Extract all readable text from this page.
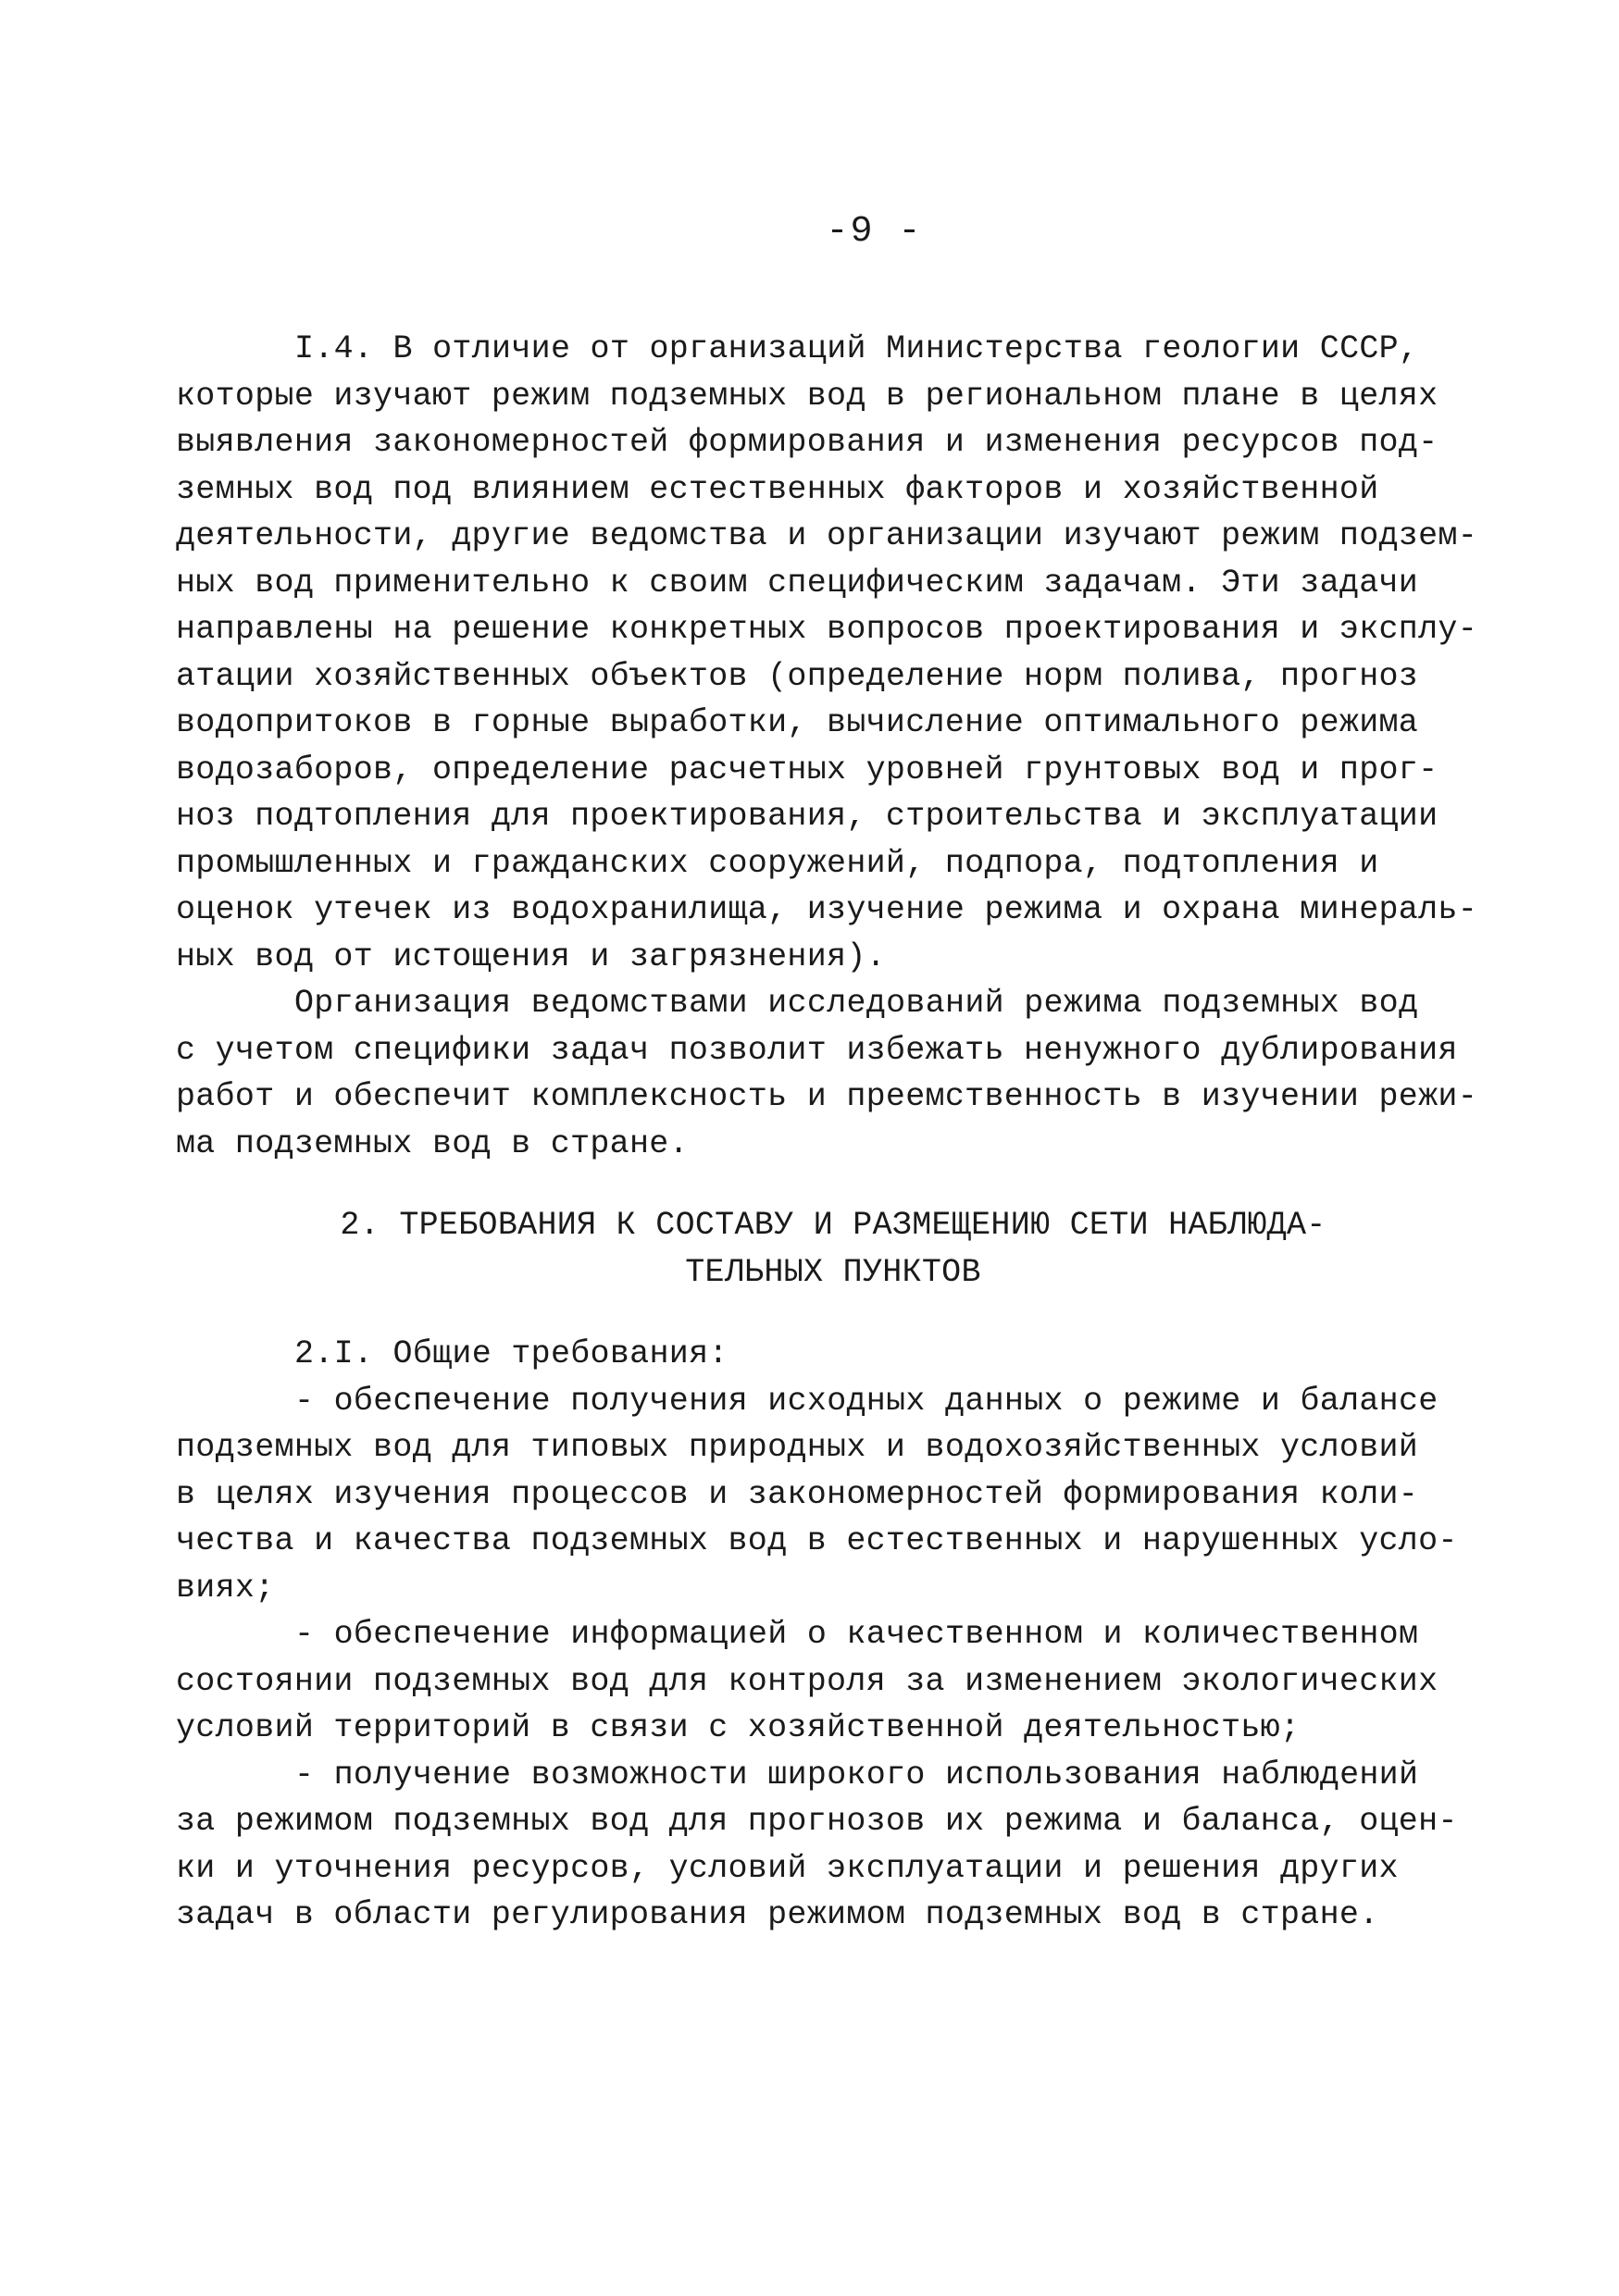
-9 -
I.4. В отличие от организаций Министерства геологии СССР,
которые изучают режим подземных вод в региональном плане в целях
выявления закономерностей формирования и изменения ресурсов под-
земных вод под влиянием естественных факторов и хозяйственной
деятельности, другие ведомства и организации изучают режим подзем-
ных вод применительно к своим специфическим задачам. Эти задачи
направлены на решение конкретных вопросов проектирования и эксплу-
атации хозяйственных объектов (определение норм полива, прогноз
водопритоков в горные выработки, вычисление оптимального режима
водозаборов, определение расчетных уровней грунтовых вод и прог-
ноз подтопления для проектирования, строительства и эксплуатации
промышленных и гражданских сооружений, подпора, подтопления и
оценок утечек из водохранилища, изучение режима и охрана минераль-
ных вод от истощения и загрязнения).
Организация ведомствами исследований режима подземных вод
с учетом специфики задач позволит избежать ненужного дублирования
работ и обеспечит комплексность и преемственность в изучении режи-
ма подземных вод в стране.
2. ТРЕБОВАНИЯ К СОСТАВУ И РАЗМЕЩЕНИЮ СЕТИ НАБЛЮДА-
ТЕЛЬНЫХ ПУНКТОВ
2.I. Общие требования:
- обеспечение получения исходных данных о режиме и балансе
подземных вод для типовых природных и водохозяйственных условий
в целях изучения процессов и закономерностей формирования коли-
чества и качества подземных вод в естественных и нарушенных усло-
виях;
- обеспечение информацией о качественном и количественном
состоянии подземных вод для контроля за изменением экологических
условий территорий в связи с хозяйственной деятельностью;
- получение возможности широкого использования наблюдений
за режимом подземных вод для прогнозов их режима и баланса, оцен-
ки и уточнения ресурсов, условий эксплуатации и решения других
задач в области регулирования режимом подземных вод в стране.
